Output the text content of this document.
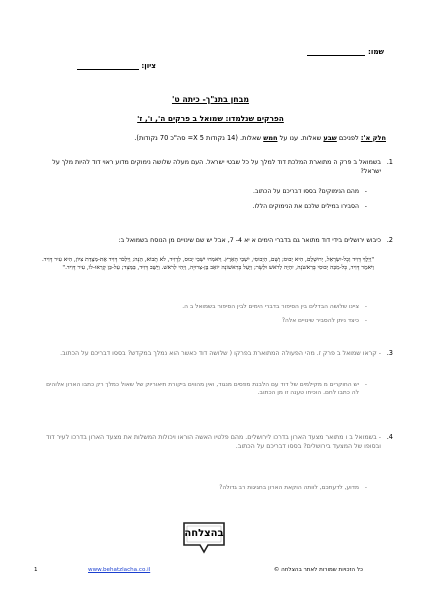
שמו:
ציון:
מבחן בתנ"ך- כיתה ט'
הפרקים שנלמדו: שמואל ב פרקים ה', ו', ז'
חלק א': לפניכם שבע שאלות. ענו על חמש שאלות. (14 נקודות X 5= סה"כ 70 נקודות).
1.
בשמואל ב פרק ה מתוארת המלכת דוד למלך על כל שבטי ישראל. העם מעלה שלושה נימוקים מדוע ראוי דוד להיות מלך על ישראל?
- מהם הנימוקים? בססו דבריכם על הכתוב.
- הסבירו במילים שלכם את הנימוקים הללו.
2.
כיבוש ירושלים בידי דוד מתואר גם בדברי הימים א יא 4- 7, אבל יש שם שינויים מן הנוסח בשמואל ב:
"וַיֵּלֶךְ דָּוִיד וְכָל-יִשְׂרָאֵל, יְרוּשָׁלִַם, הִיא יְבוּס; וְשָׁם, הַיְבוּסִי, יֹשְׁבֵי הָאָרֶץ. וַיֹּאמְרוּ יֹשְׁבֵי יְבוּס, לְדָוִיד, לֹא תָבוֹא, הֵנָּה; וַיִּלְכֹּד דָּוִיד אֶת-מְצֻדַת צִיּוֹן, הִיא עִיר דָּוִיד. וַיֹּאמֶר דָּוִיד, כָּל-מַכֵּה יְבוּסִי בָּרִאשֹׁנָה, יִהְיֶה לְרֹאשׁ וּלְשָׂר; וַיַּעַל בָּרִאשׁוֹנָה יוֹאָב בֶּן-צְרוּיָה, וַיְהִי לְרֹאשׁ. וַיֵּשֶׁב דָּוִיד, בַּמְּצָד; עַל-כֵּן קָרְאוּ-לוֹ, עִיר דָּוִיד."
- ציינו שלושה הבדלים בין הסיפור בדברי הימים לבין הסיפור בשמואל ב ה.
- כיצד ניתן להסביר שינויים אלה?
3.
- קראו שמואל ב פרק ז. מהי הפעולה המתוארת בפרקו ( שלושה דוד כאשר הוא נמלך במקדש? בססו דבריכם על הכתוב.
- יש החוקרים מ מקילמים של דוד עם הלבנת מפסים מנגוד, ואין מהווים ביקורת תיאוריוק של שאול כמלך רק כתבו הארון אלוהים לה כתבו לחם. הוכיחו טענה זו מן הכתוב.
4.
- בשמואל ב ו מתואר מצעד הארון בדרכו לירושלים. מהם פלטיו האשה הוראו ויכולות המשלות את מצעד הארון בדרכו לעיר דוד ובסופו של המצעד בירושלים? בססו דבריכם על הכתוב.
- מדוע, לדעתכם, לוותה הוקאת הארון בחגיגות רב גדולה?
בהצלחה
כל הזכויות שמורות לאתר בהצלחה ©
www.behatzlacha.co.il
1
